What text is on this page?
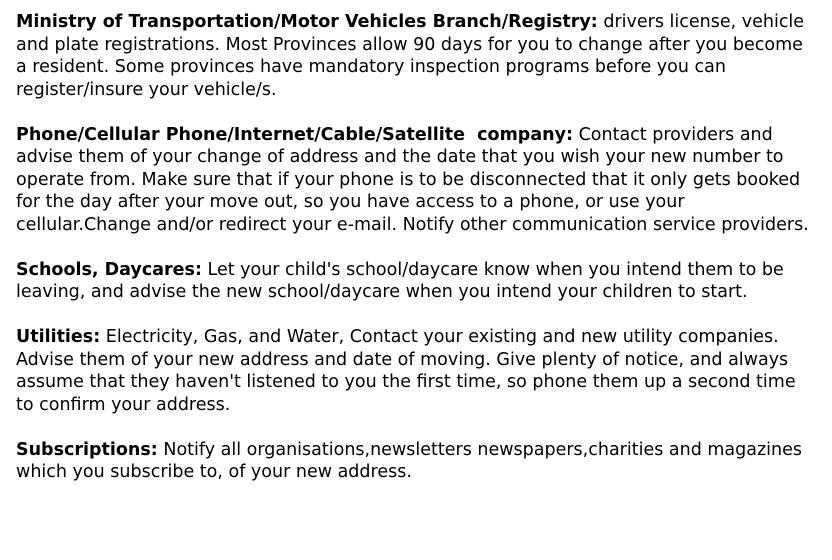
Ministry of Transportation/Motor Vehicles Branch/Registry: drivers license, vehicle and plate registrations. Most Provinces allow 90 days for you to change after you become a resident. Some provinces have mandatory inspection programs before you can register/insure your vehicle/s.

Phone/Cellular Phone/Internet/Cable/Satellite  company: Contact providers and advise them of your change of address and the date that you wish your new number to operate from. Make sure that if your phone is to be disconnected that it only gets booked for the day after your move out, so you have access to a phone, or use your cellular.Change and/or redirect your e-mail. Notify other communication service providers.

Schools, Daycares: Let your child's school/daycare know when you intend them to be leaving, and advise the new school/daycare when you intend your children to start.

Utilities: Electricity, Gas, and Water, Contact your existing and new utility companies. Advise them of your new address and date of moving. Give plenty of notice, and always assume that they haven't listened to you the first time, so phone them up a second time to confirm your address.

Subscriptions: Notify all organisations,newsletters newspapers,charities and magazines which you subscribe to, of your new address.
